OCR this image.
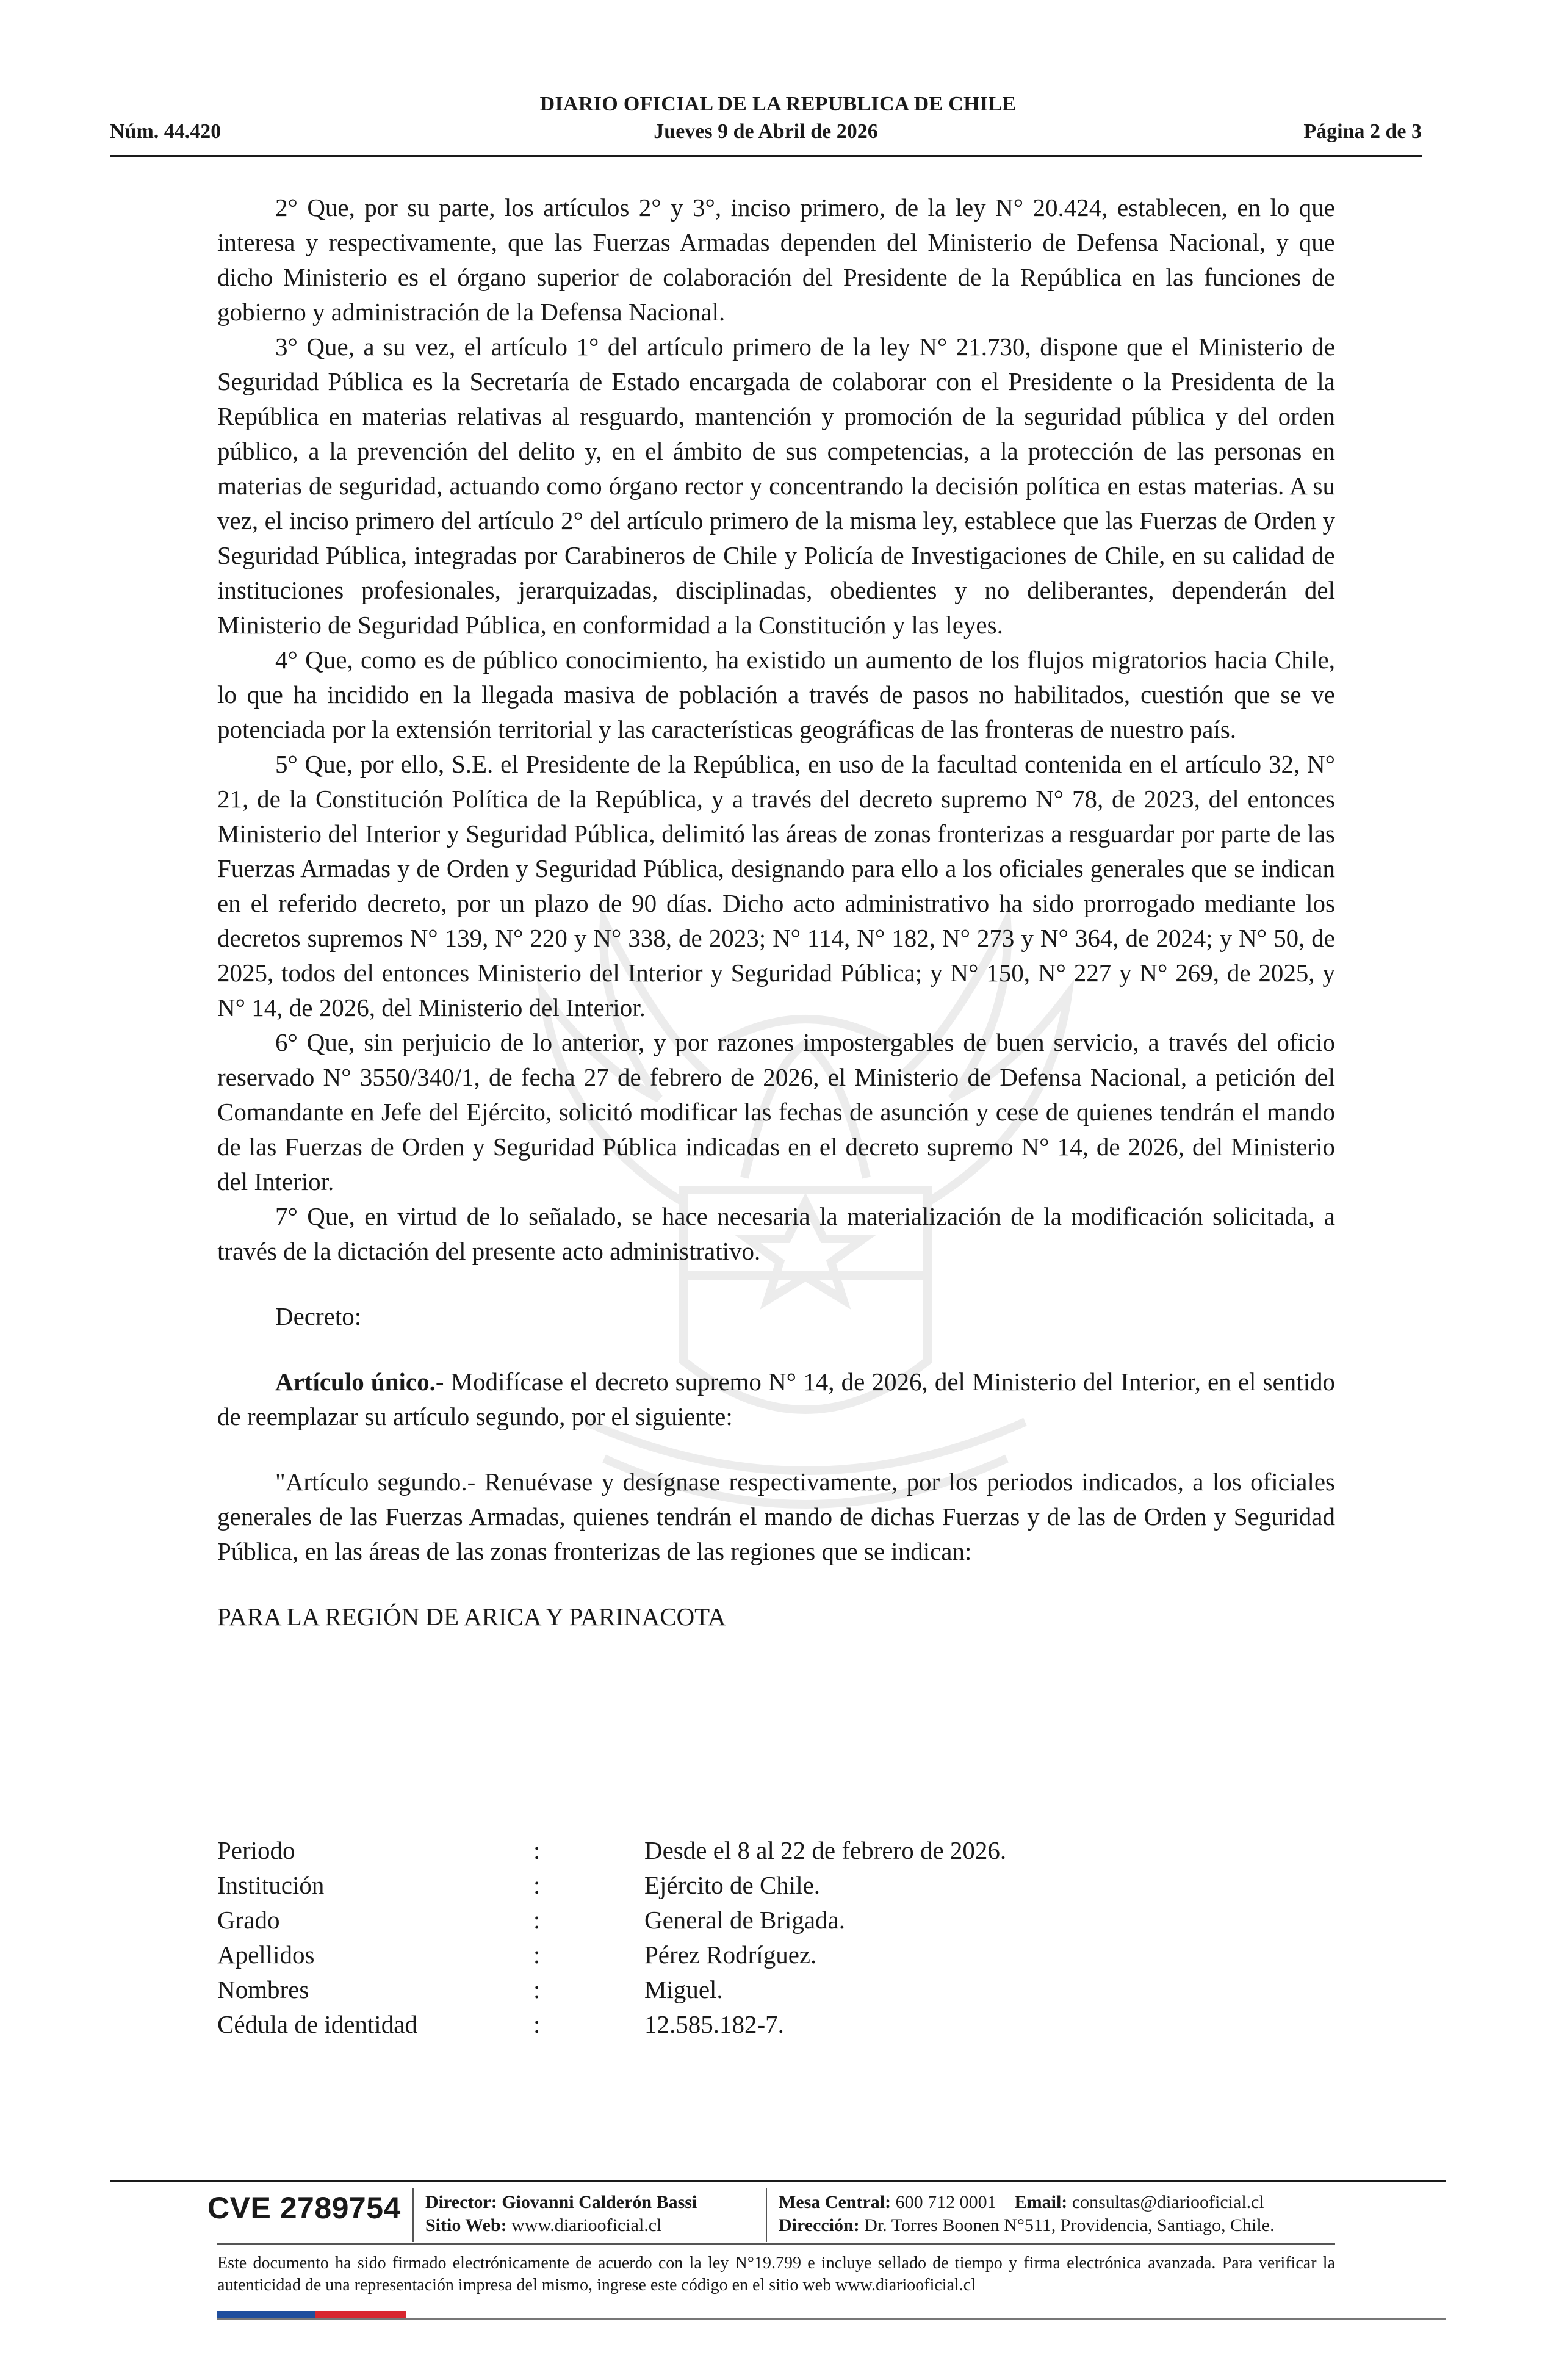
DIARIO OFICIAL DE LA REPUBLICA DE CHILE
Núm. 44.420	Jueves 9 de Abril de 2026	Página 2 de 3

2° Que, por su parte, los artículos 2° y 3°, inciso primero, de la ley N° 20.424, establecen, en lo que interesa y respectivamente, que las Fuerzas Armadas dependen del Ministerio de Defensa Nacional, y que dicho Ministerio es el órgano superior de colaboración del Presidente de la República en las funciones de gobierno y administración de la Defensa Nacional.

3° Que, a su vez, el artículo 1° del artículo primero de la ley N° 21.730, dispone que el Ministerio de Seguridad Pública es la Secretaría de Estado encargada de colaborar con el Presidente o la Presidenta de la República en materias relativas al resguardo, mantención y promoción de la seguridad pública y del orden público, a la prevención del delito y, en el ámbito de sus competencias, a la protección de las personas en materias de seguridad, actuando como órgano rector y concentrando la decisión política en estas materias. A su vez, el inciso primero del artículo 2° del artículo primero de la misma ley, establece que las Fuerzas de Orden y Seguridad Pública, integradas por Carabineros de Chile y Policía de Investigaciones de Chile, en su calidad de instituciones profesionales, jerarquizadas, disciplinadas, obedientes y no deliberantes, dependerán del Ministerio de Seguridad Pública, en conformidad a la Constitución y las leyes.

4° Que, como es de público conocimiento, ha existido un aumento de los flujos migratorios hacia Chile, lo que ha incidido en la llegada masiva de población a través de pasos no habilitados, cuestión que se ve potenciada por la extensión territorial y las características geográficas de las fronteras de nuestro país.

5° Que, por ello, S.E. el Presidente de la República, en uso de la facultad contenida en el artículo 32, N° 21, de la Constitución Política de la República, y a través del decreto supremo N° 78, de 2023, del entonces Ministerio del Interior y Seguridad Pública, delimitó las áreas de zonas fronterizas a resguardar por parte de las Fuerzas Armadas y de Orden y Seguridad Pública, designando para ello a los oficiales generales que se indican en el referido decreto, por un plazo de 90 días. Dicho acto administrativo ha sido prorrogado mediante los decretos supremos N° 139, N° 220 y N° 338, de 2023; N° 114, N° 182, N° 273 y N° 364, de 2024; y N° 50, de 2025, todos del entonces Ministerio del Interior y Seguridad Pública; y N° 150, N° 227 y N° 269, de 2025, y N° 14, de 2026, del Ministerio del Interior.

6° Que, sin perjuicio de lo anterior, y por razones impostergables de buen servicio, a través del oficio reservado N° 3550/340/1, de fecha 27 de febrero de 2026, el Ministerio de Defensa Nacional, a petición del Comandante en Jefe del Ejército, solicitó modificar las fechas de asunción y cese de quienes tendrán el mando de las Fuerzas de Orden y Seguridad Pública indicadas en el decreto supremo N° 14, de 2026, del Ministerio del Interior.

7° Que, en virtud de lo señalado, se hace necesaria la materialización de la modificación solicitada, a través de la dictación del presente acto administrativo.

Decreto:

Artículo único.- Modifícase el decreto supremo N° 14, de 2026, del Ministerio del Interior, en el sentido de reemplazar su artículo segundo, por el siguiente:

"Artículo segundo.- Renuévase y desígnase respectivamente, por los periodos indicados, a los oficiales generales de las Fuerzas Armadas, quienes tendrán el mando de dichas Fuerzas y de las de Orden y Seguridad Pública, en las áreas de las zonas fronterizas de las regiones que se indican:

PARA LA REGIÓN DE ARICA Y PARINACOTA

Periodo	:	Desde el 8 al 22 de febrero de 2026.
Institución	:	Ejército de Chile.
Grado	:	General de Brigada.
Apellidos	:	Pérez Rodríguez.
Nombres	:	Miguel.
Cédula de identidad	:	12.585.182-7.
CVE 2789754 Director: Giovanni Calderón Bassi
Sitio Web: www.diariooficial.cl
Mesa Central: 600 712 0001 Email: consultas@diariooficial.cl
Dirección: Dr. Torres Boonen N°511, Providencia, Santiago, Chile.
Este documento ha sido firmado electrónicamente de acuerdo con la ley N°19.799 e incluye sellado de tiempo y firma electrónica avanzada. Para verificar la autenticidad de una representación impresa del mismo, ingrese este código en el sitio web www.diariooficial.cl
